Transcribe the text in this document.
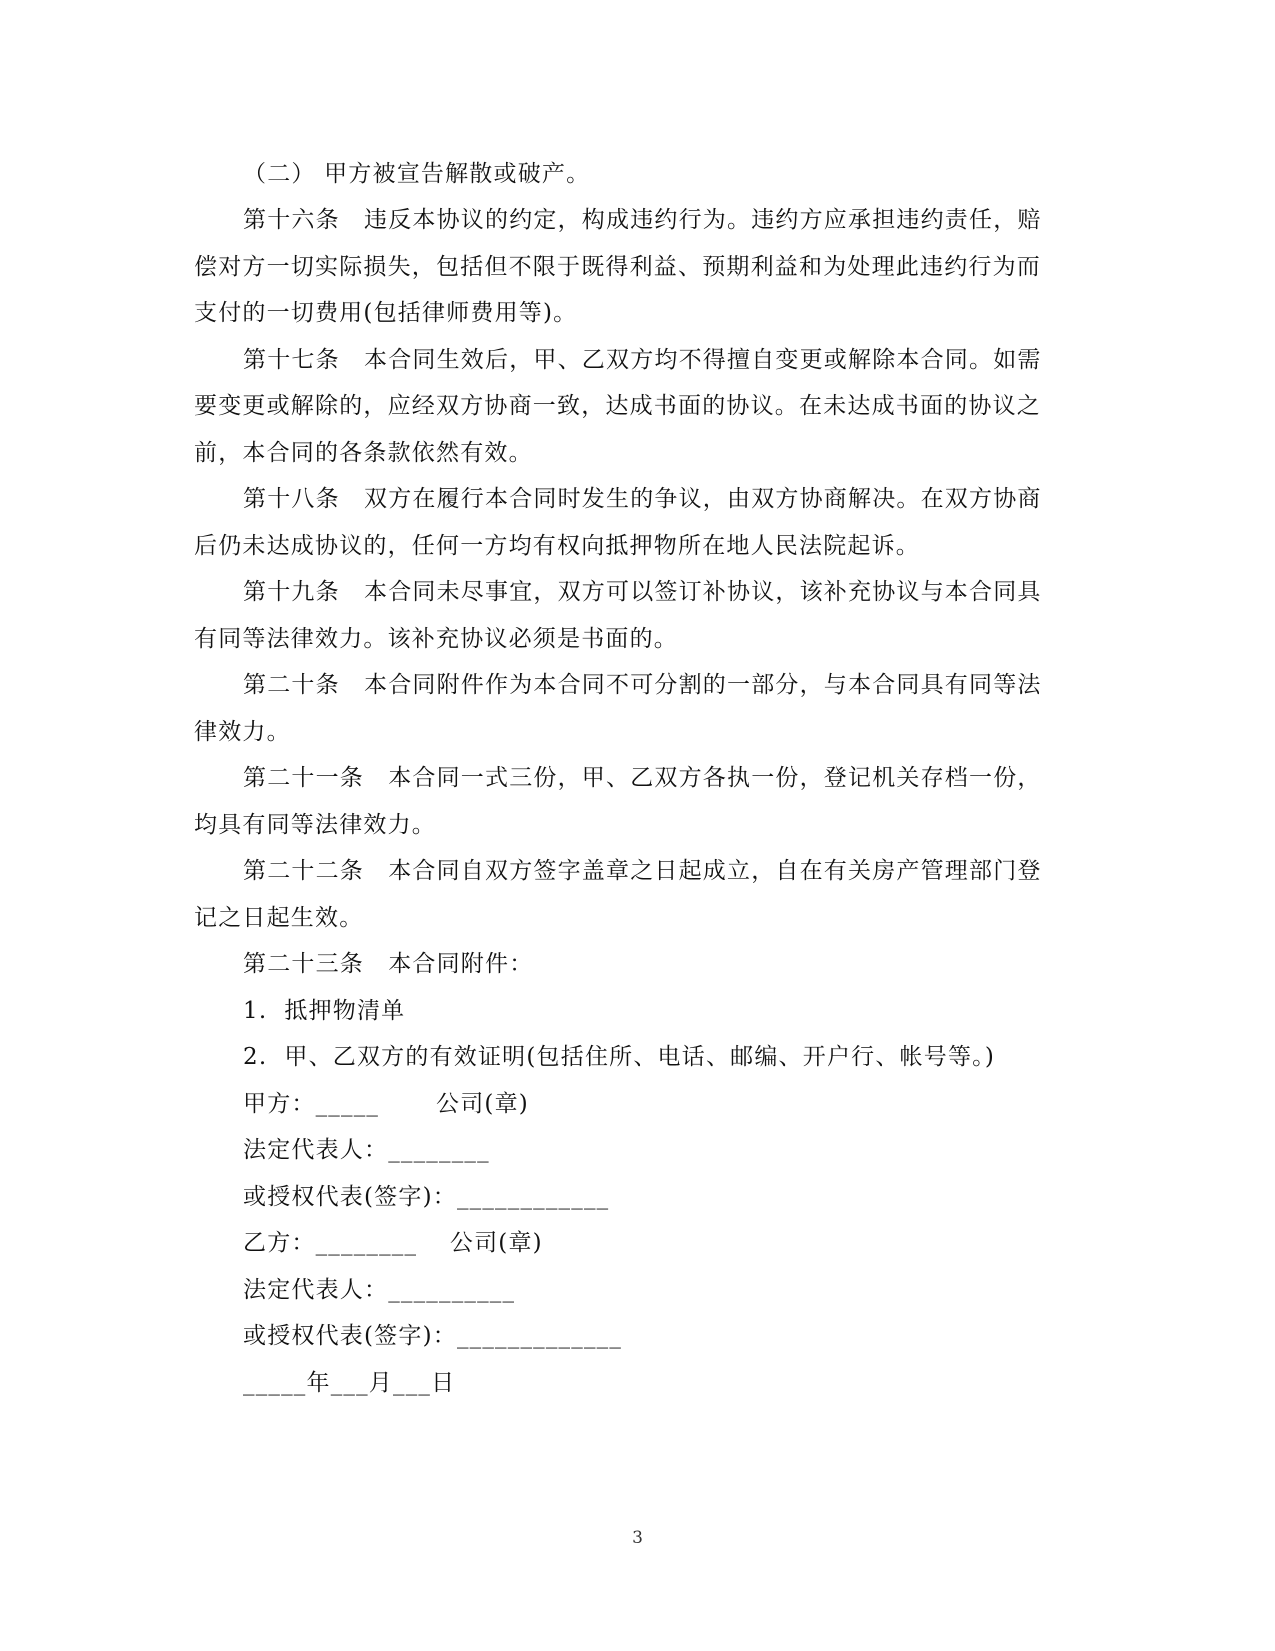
（二） 甲方被宣告解散或破产。
第十六条　违反本协议的约定，构成违约行为。违约方应承担违约责任，赔
偿对方一切实际损失，包括但不限于既得利益、预期利益和为处理此违约行为而
支付的一切费用(包括律师费用等)。
第十七条　本合同生效后，甲、乙双方均不得擅自变更或解除本合同。如需
要变更或解除的，应经双方协商一致，达成书面的协议。在未达成书面的协议之
前，本合同的各条款依然有效。
第十八条　双方在履行本合同时发生的争议，由双方协商解决。在双方协商
后仍未达成协议的，任何一方均有权向抵押物所在地人民法院起诉。
第十九条　本合同未尽事宜，双方可以签订补协议，该补充协议与本合同具
有同等法律效力。该补充协议必须是书面的。
第二十条　本合同附件作为本合同不可分割的一部分，与本合同具有同等法
律效力。
第二十一条　本合同一式三份，甲、乙双方各执一份，登记机关存档一份，
均具有同等法律效力。
第二十二条　本合同自双方签字盖章之日起成立，自在有关房产管理部门登
记之日起生效。
第二十三条　本合同附件：
1.  抵押物清单
2.  甲、乙双方的有效证明(包括住所、电话、邮编、开户行、帐号等。)
甲方：_____　　 公司(章)
法定代表人：________
或授权代表(签字)：____________
乙方：________　 公司(章)
法定代表人：__________
或授权代表(签字)：_____________
_____年___月___日
3
